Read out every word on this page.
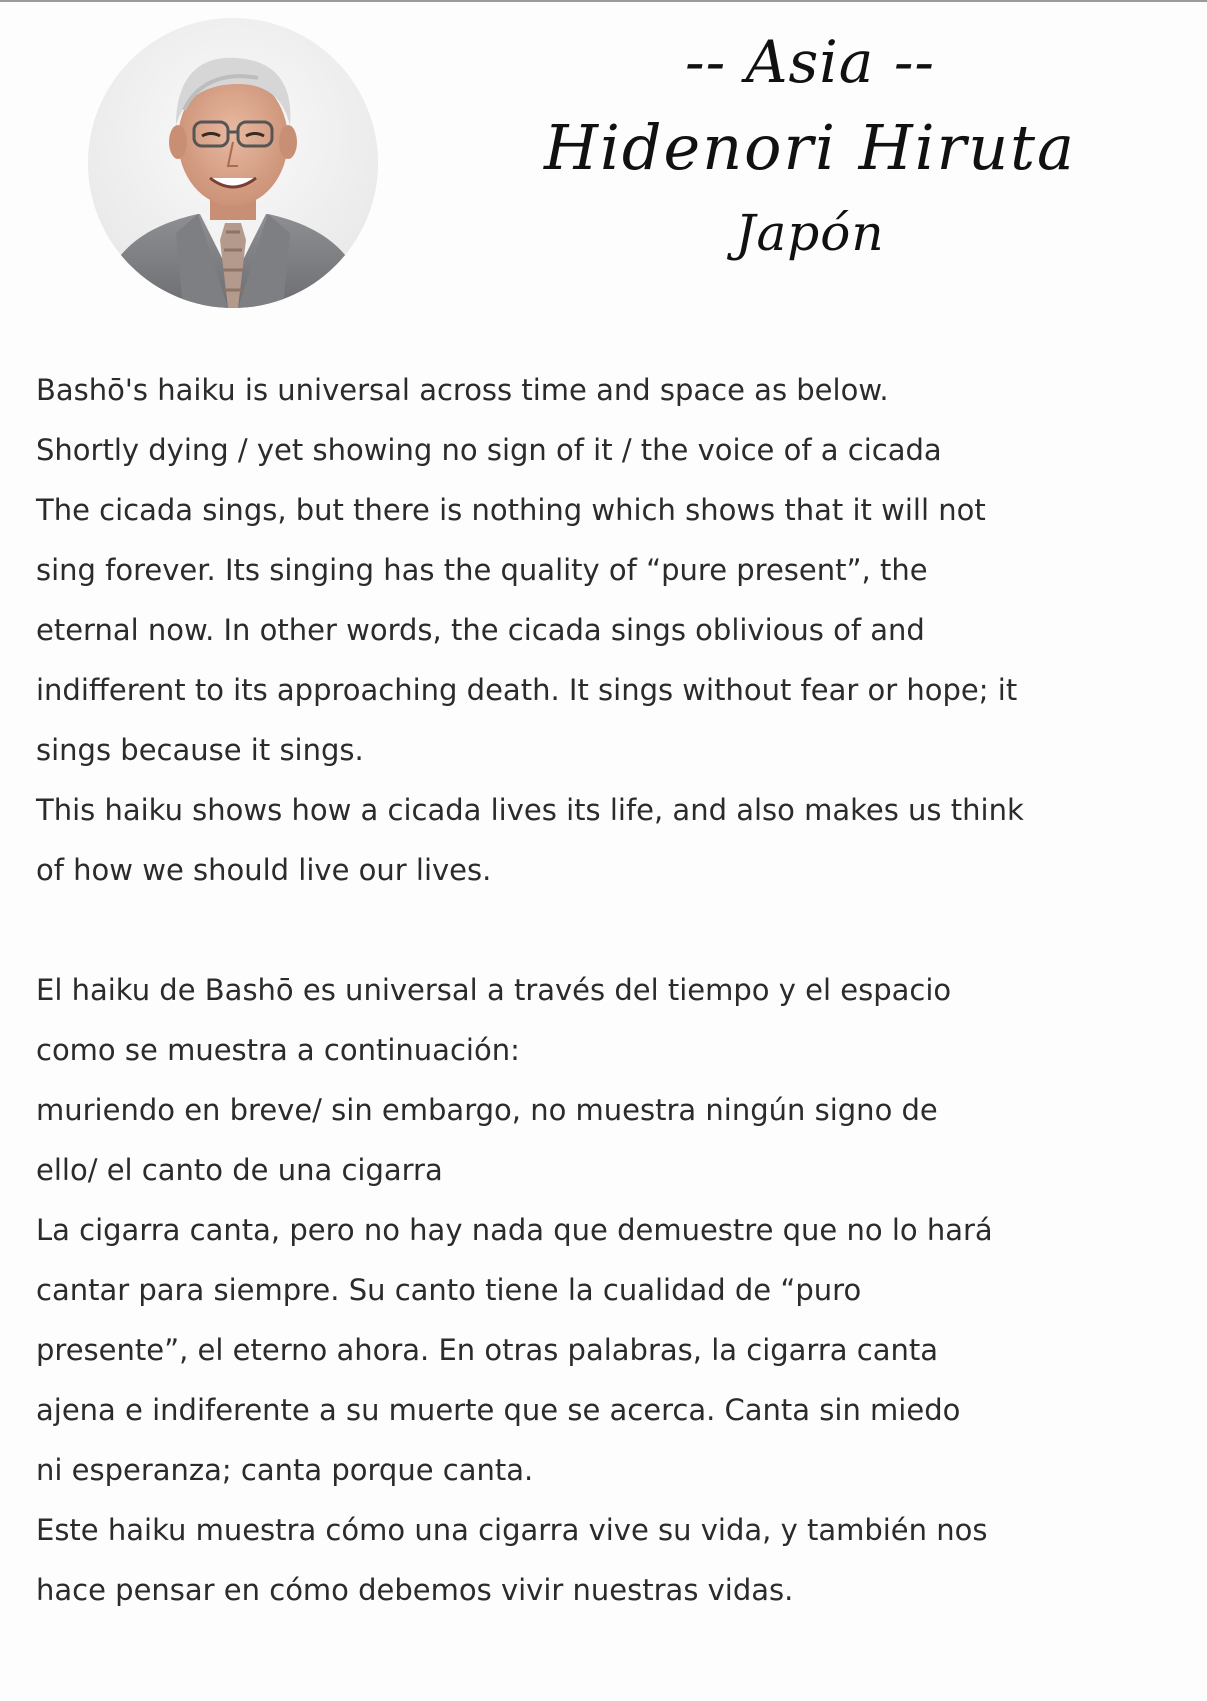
-- Asia --
Hidenori Hiruta
Japón
Bashō's haiku is universal across time and space as below.
Shortly dying / yet showing no sign of it / the voice of a cicada
The cicada sings, but there is nothing which shows that it will not
sing forever. Its singing has the quality of “pure present”, the
eternal now. In other words, the cicada sings oblivious of and
indifferent to its approaching death. It sings without fear or hope; it
sings because it sings.
This haiku shows how a cicada lives its life, and also makes us think
of how we should live our lives.
El haiku de Bashō es universal a través del tiempo y el espacio
como se muestra a continuación:
muriendo en breve/ sin embargo, no muestra ningún signo de
ello/ el canto de una cigarra
La cigarra canta, pero no hay nada que demuestre que no lo hará
cantar para siempre. Su canto tiene la cualidad de “puro
presente”, el eterno ahora. En otras palabras, la cigarra canta
ajena e indiferente a su muerte que se acerca. Canta sin miedo
ni esperanza; canta porque canta.
Este haiku muestra cómo una cigarra vive su vida, y también nos
hace pensar en cómo debemos vivir nuestras vidas.
